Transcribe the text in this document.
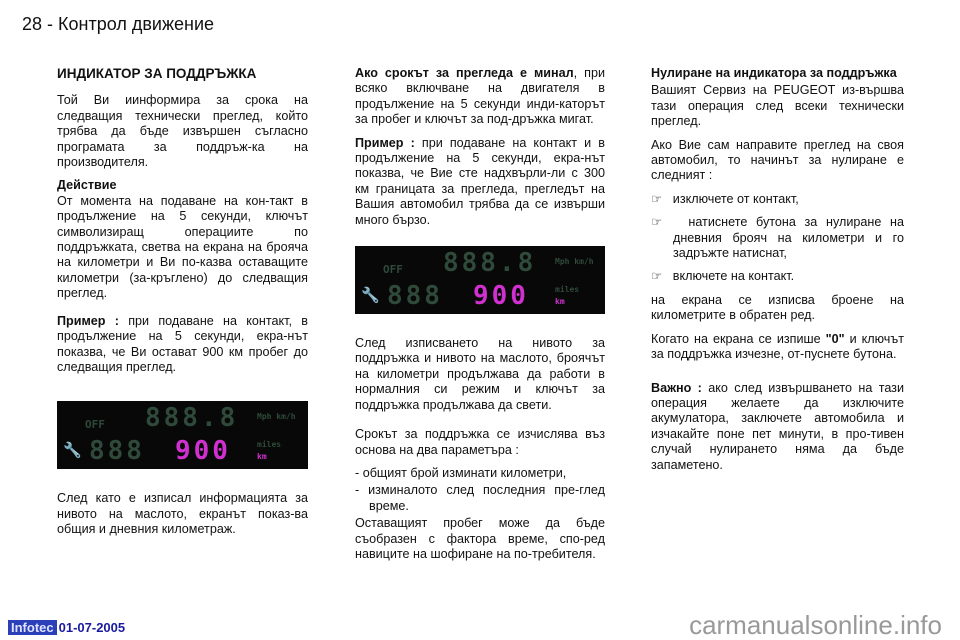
28 - Контрол движение
ИНДИКАТОР ЗА ПОДДРЪЖКА

Той Ви иинформира за срока на следващия технически преглед, който трябва да бъде извършен съгласно програмата за поддръж-ка на производителя.

Действие

От момента на подаване на кон-такт в продължение на 5 секунди, ключът символизиращ операциите по поддръжката, светва на екрана на брояча на километри и Ви по-казва оставащите километри (за-кръглено) до следващия преглед.

Пример : при подаване на контакт, в продължение на 5 секунди, екра-нът показва, че Ви остават 900 км пробег до следващия преглед.

OFF
🔧
888.8
888 900
Mph km/h
miles
km

След като е изписал информацията за нивото на маслото, екранът показ-ва общия и дневния километраж.

Ако срокът за прегледа е минал, при всяко включване на двигателя в продължение на 5 секунди инди-каторът за пробег и ключът за под-дръжка мигат.

Пример : при подаване на контакт и в продължение на 5 секунди, екра-нът показва, че Вие сте надхвърли-ли с 300 км границата за прегледа, прегледът на Вашия автомобил трябва да се извърши много бързо.

OFF
🔧
888.8
888 900
Mph km/h
miles
km

След изписването на нивото за поддръжка и нивото на маслото, броячът на километри продължава да работи в нормалния си режим и ключът за поддръжка продължава да свети.

Срокът за поддръжка се изчислява въз основа на два параметъра :

- общият брой изминати километри,
- изминалото след последния пре-глед време.

Оставащият пробег може да бъде съобразен с фактора време, спо-ред навиците на шофиране на по-требителя.

Нулиране на индикатора за поддръжка

Вашият Сервиз на PEUGEOT из-вършва тази операция след всеки технически преглед.

Ако Вие сам направите преглед на своя автомобил, то начинът за нулиране е следният :

☞   изключете от контакт,
☞   натиснете бутона за нулиране на дневния брояч на километри и го задръжте натиснат,
☞   включете на контакт.

на екрана се изписва броене на километрите в обратен ред.

Когато на екрана се изпише "0" и ключът за поддръжка изчезне, от-пуснете бутона.

Важно : ако след извършването на тази операция желаете да изключите акумулатора, заключете автомобила и изчакайте поне пет минути, в про-тивен случай нулирането няма да бъде запаметено.

Infotec 01-07-2005	carmanualsonline.info
